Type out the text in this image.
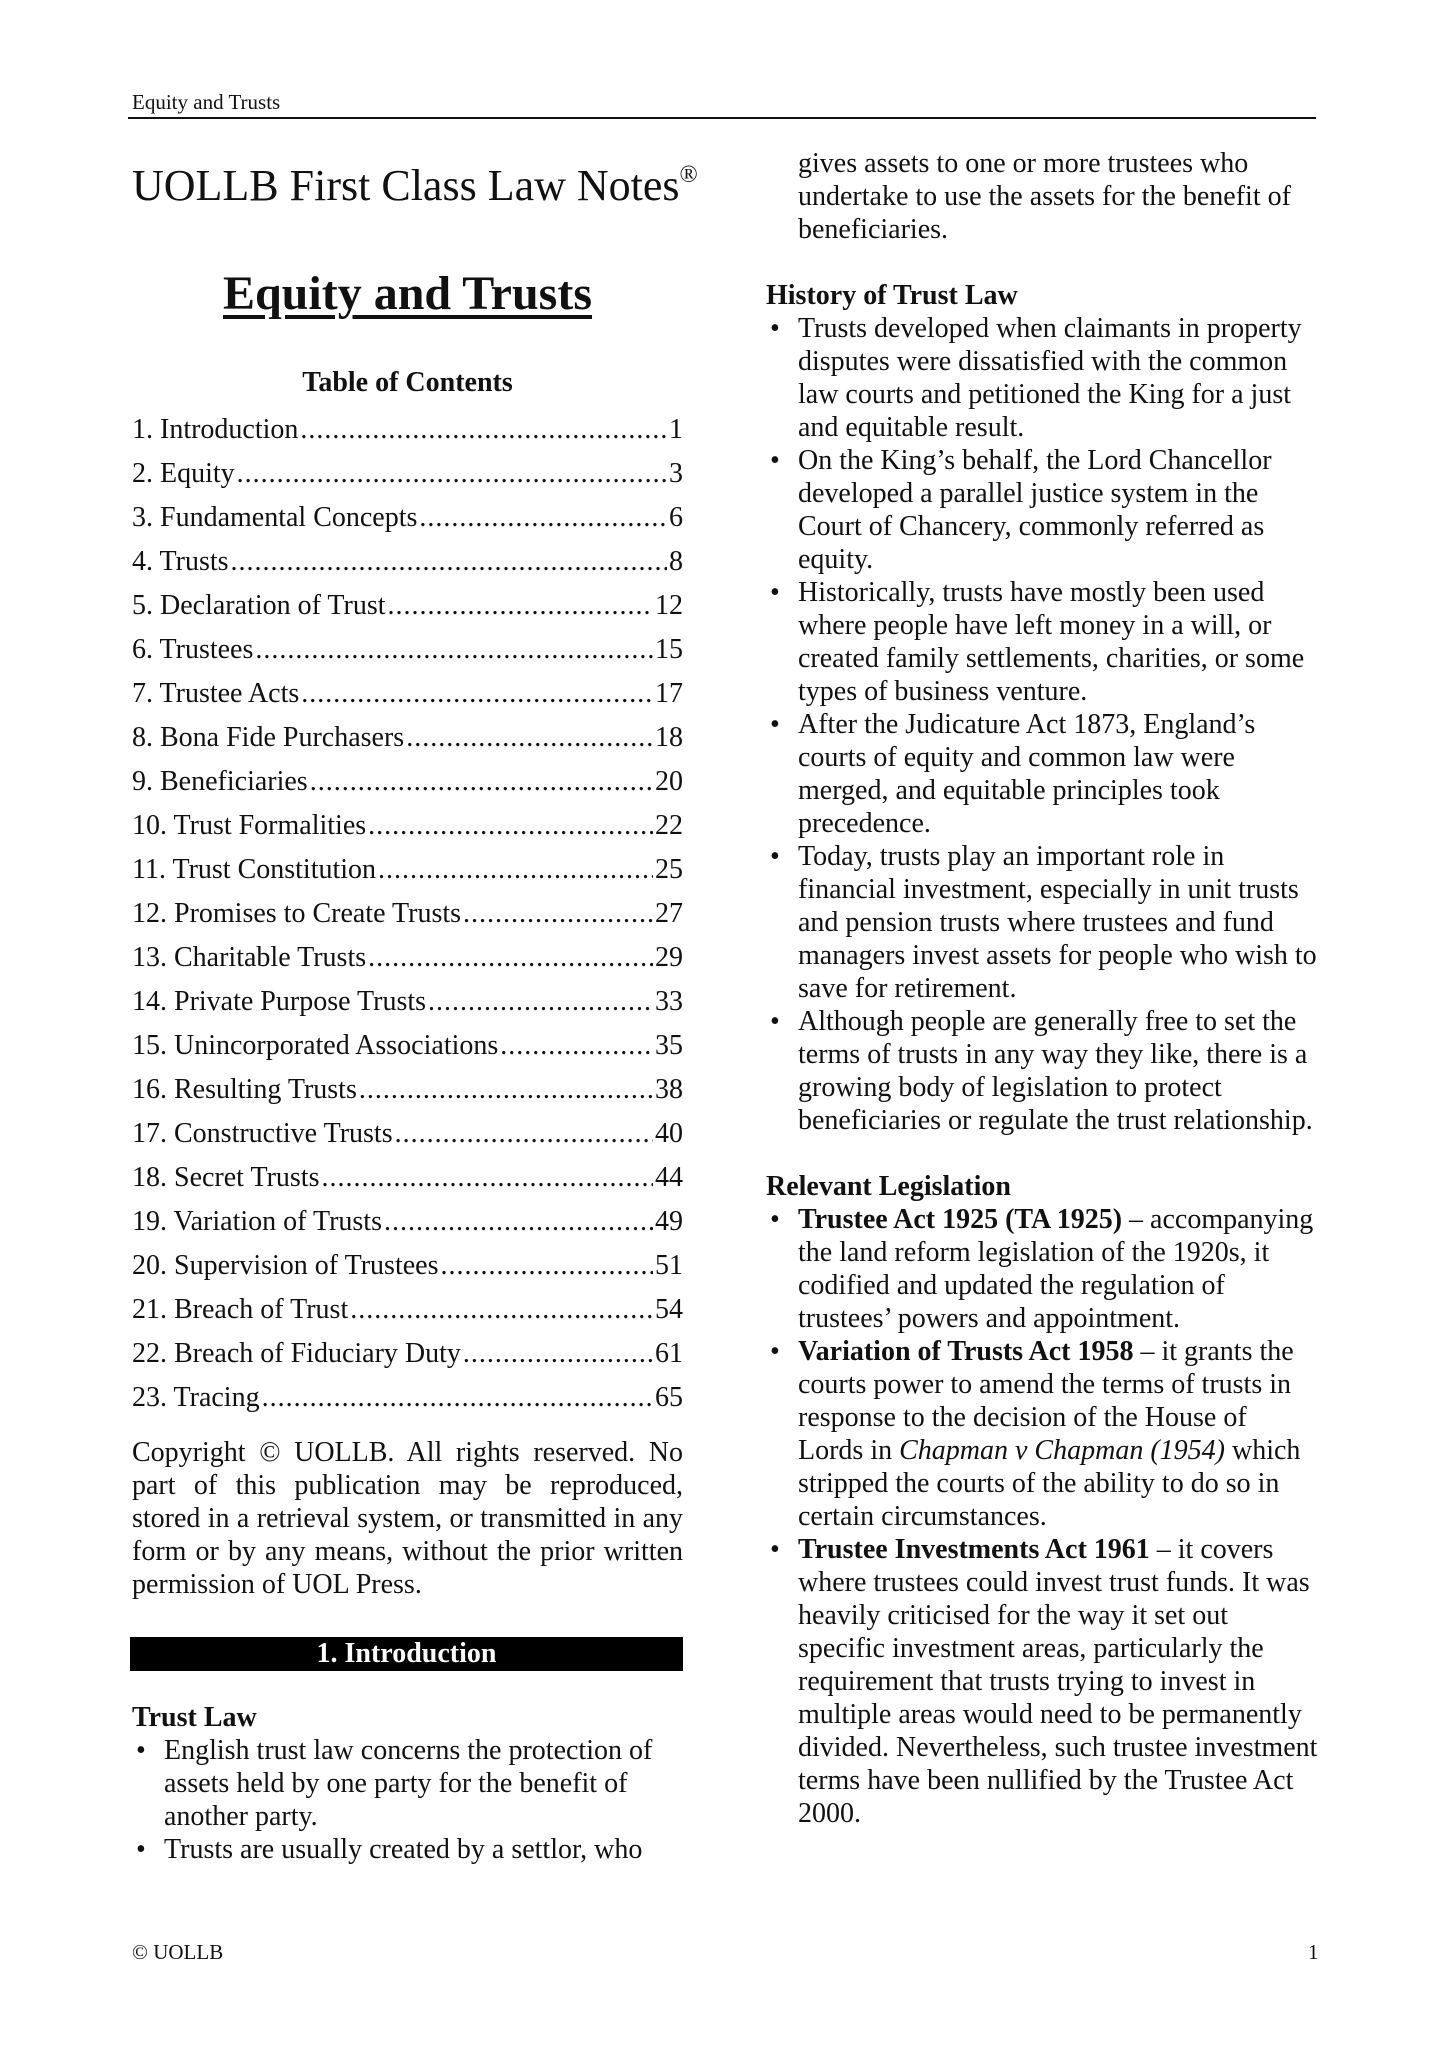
Equity and Trusts
UOLLB First Class Law Notes®
Equity and Trusts
Table of Contents
1. Introduction .....	1
2. Equity .....	3
3. Fundamental Concepts .....	6
4. Trusts .....	8
5. Declaration of Trust .....	12
6. Trustees .....	15
7. Trustee Acts .....	17
8. Bona Fide Purchasers .....	18
9. Beneficiaries .....	20
10. Trust Formalities .....	22
11. Trust Constitution .....	25
12. Promises to Create Trusts .....	27
13. Charitable Trusts .....	29
14. Private Purpose Trusts .....	33
15. Unincorporated Associations .....	35
16. Resulting Trusts .....	38
17. Constructive Trusts .....	40
18. Secret Trusts .....	44
19. Variation of Trusts .....	49
20. Supervision of Trustees .....	51
21. Breach of Trust .....	54
22. Breach of Fiduciary Duty .....	61
23. Tracing .....	65

Copyright © UOLLB. All rights reserved. No part of this publication may be reproduced, stored in a retrieval system, or transmitted in any form or by any means, without the prior written permission of UOL Press.

1. Introduction
Trust Law
• English trust law concerns the protection of assets held by one party for the benefit of another party.
• Trusts are usually created by a settlor, who

gives assets to one or more trustees who undertake to use the assets for the benefit of beneficiaries.

History of Trust Law
• Trusts developed when claimants in property disputes were dissatisfied with the common law courts and petitioned the King for a just and equitable result.
• On the King’s behalf, the Lord Chancellor developed a parallel justice system in the Court of Chancery, commonly referred as equity.
• Historically, trusts have mostly been used where people have left money in a will, or created family settlements, charities, or some types of business venture.
• After the Judicature Act 1873, England’s courts of equity and common law were merged, and equitable principles took precedence.
• Today, trusts play an important role in financial investment, especially in unit trusts and pension trusts where trustees and fund managers invest assets for people who wish to save for retirement.
• Although people are generally free to set the terms of trusts in any way they like, there is a growing body of legislation to protect beneficiaries or regulate the trust relationship.
Relevant Legislation
• Trustee Act 1925 (TA 1925) – accompanying the land reform legislation of the 1920s, it codified and updated the regulation of trustees’ powers and appointment.
• Variation of Trusts Act 1958 – it grants the courts power to amend the terms of trusts in response to the decision of the House of Lords in Chapman v Chapman (1954) which stripped the courts of the ability to do so in certain circumstances.
• Trustee Investments Act 1961 – it covers where trustees could invest trust funds. It was heavily criticised for the way it set out specific investment areas, particularly the requirement that trusts trying to invest in multiple areas would need to be permanently divided. Nevertheless, such trustee investment terms have been nullified by the Trustee Act 2000.
© UOLLB	1
